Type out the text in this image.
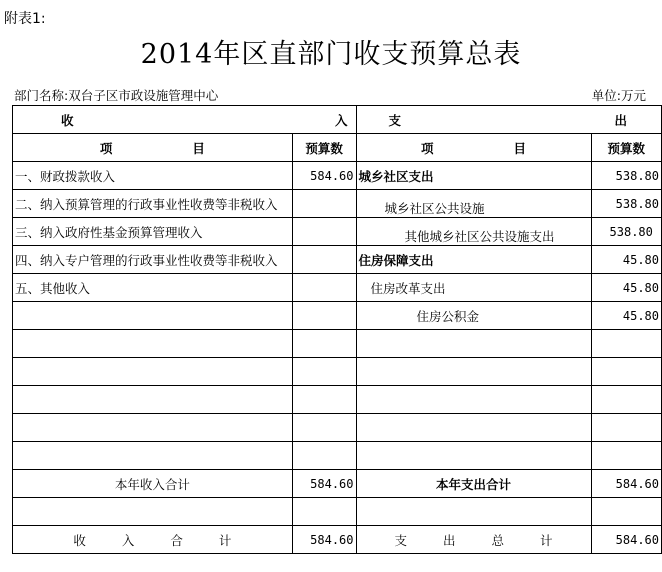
附表1:
2014年区直部门收支预算总表
部门名称:双台子区市政设施管理中心	单位:万元
收 入		支 出	

项 目	预算数	项 目	预算数
一、财政拨款收入	584.60	城乡社区支出	538.80
二、纳入预算管理的行政事业性收费等非税收入		城乡社区公共设施	538.80
三、纳入政府性基金预算管理收入		其他城乡社区公共设施支出	538.80
四、纳入专户管理的行政事业性收费等非税收入		住房保障支出	45.80
五、其他收入		住房改革支出	45.80
		住房公积金	45.80

本年收入合计	584.60	本年支出合计	584.60

收入合计	584.60	支出总计	584.60
